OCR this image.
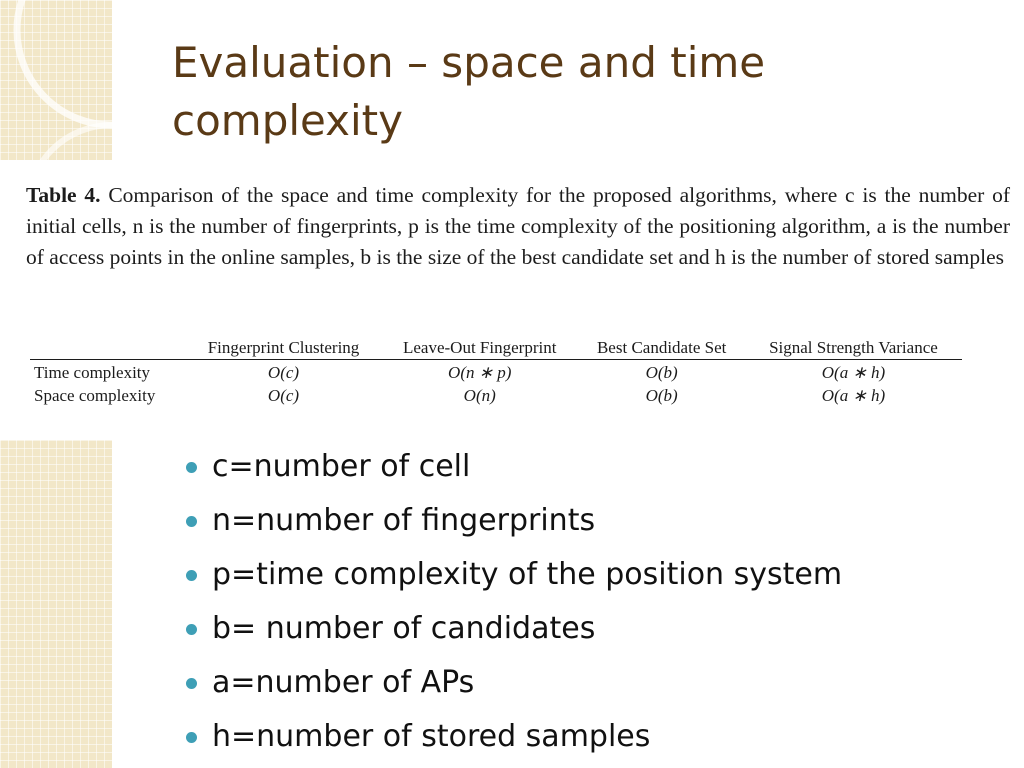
Evaluation – space and time
complexity

Table 4. Comparison of the space and time complexity for the proposed algorithms, where c is the number of initial cells, n is the number of fingerprints, p is the time complexity of the positioning algorithm, a is the number of access points in the online samples, b is the size of the best candidate set and h is the number of stored samples

	Fingerprint Clustering	Leave-Out Fingerprint	Best Candidate Set	Signal Strength Variance
Time complexity	O(c)	O(n ∗ p)	O(b)	O(a ∗ h)
Space complexity	O(c)	O(n)	O(b)	O(a ∗ h)
c=number of cell
n=number of fingerprints
p=time complexity of the position system
b= number of candidates
a=number of APs
h=number of stored samples
